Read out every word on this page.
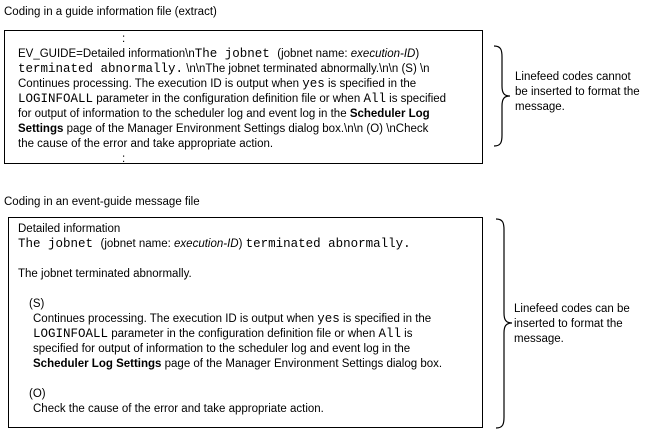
Coding in a guide information file (extract)
:
EV_GUIDE=Detailed information\nThe jobnet (jobnet name: execution-ID)
terminated abnormally. \n\nThe jobnet terminated abnormally.\n\n (S) \n
Continues processing. The execution ID is output when yes is specified in the
LOGINFOALL parameter in the configuration definition file or when All is specified
for output of information to the scheduler log and event log in the Scheduler Log
Settings page of the Manager Environment Settings dialog box.\n\n (O) \nCheck
the cause of the error and take appropriate action.
:
Linefeed codes cannot
be inserted to format the
message.
Coding in an event-guide message file
Detailed information
The jobnet (jobnet name: execution-ID) terminated abnormally.

The jobnet terminated abnormally.

(S)
Continues processing. The execution ID is output when yes is specified in the
LOGINFOALL parameter in the configuration definition file or when All is
specified for output of information to the scheduler log and event log in the
Scheduler Log Settings page of the Manager Environment Settings dialog box.

(O)
Check the cause of the error and take appropriate action.
Linefeed codes can be
inserted to format the
message.
